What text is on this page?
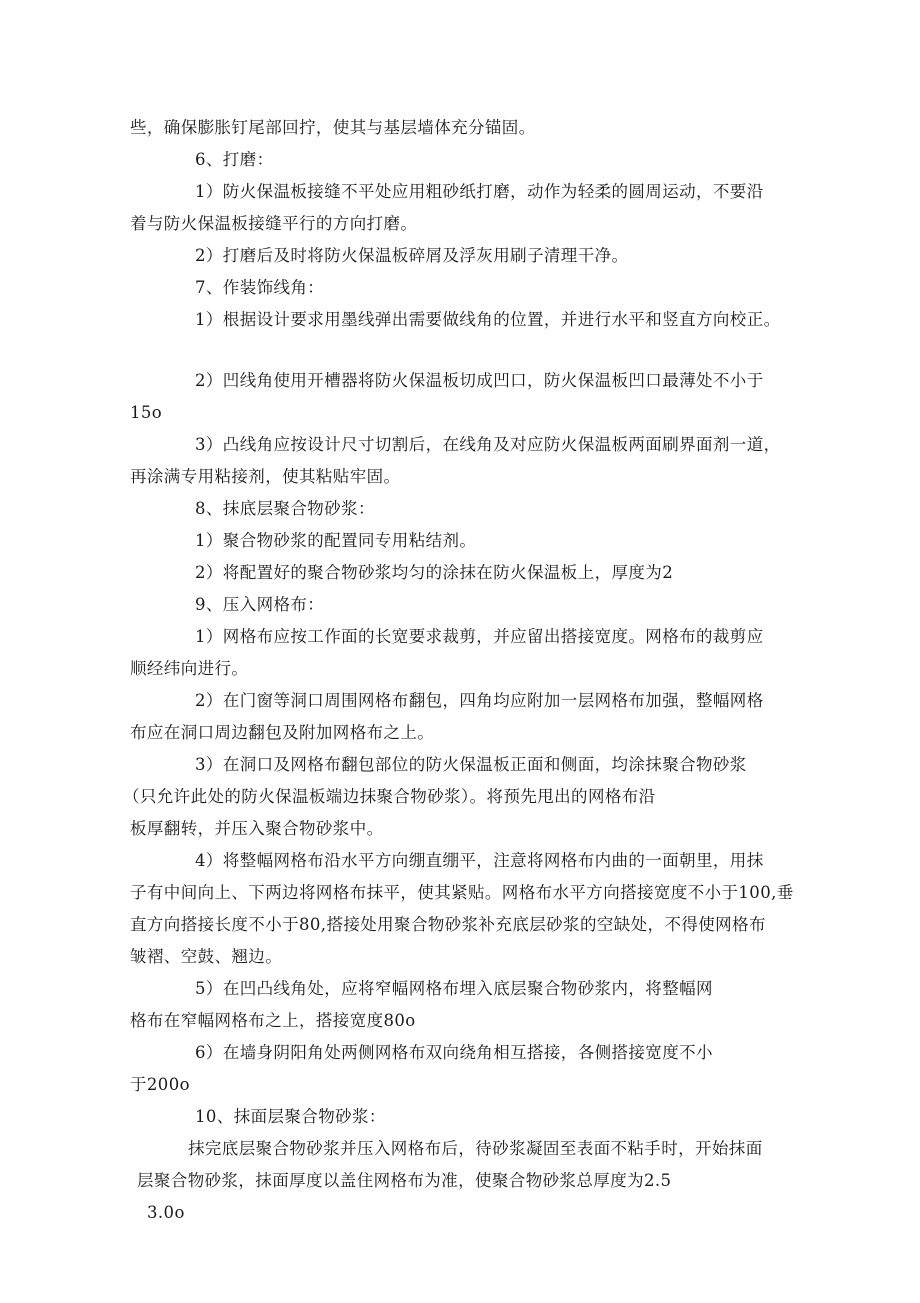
些，确保膨胀钉尾部回拧，使其与基层墙体充分锚固。
6、打磨：
1）防火保温板接缝不平处应用粗砂纸打磨，动作为轻柔的圆周运动，不要沿
着与防火保温板接缝平行的方向打磨。
2）打磨后及时将防火保温板碎屑及浮灰用刷子清理干净。
7、作装饰线角：
1）根据设计要求用墨线弹出需要做线角的位置，并进行水平和竖直方向校正。
2）凹线角使用开槽器将防火保温板切成凹口，防火保温板凹口最薄处不小于
15o
3）凸线角应按设计尺寸切割后，在线角及对应防火保温板两面刷界面剂一道，
再涂满专用粘接剂，使其粘贴牢固。
8、抹底层聚合物砂浆：
1）聚合物砂浆的配置同专用粘结剂。
2）将配置好的聚合物砂浆均匀的涂抹在防火保温板上，厚度为2
9、压入网格布：
1）网格布应按工作面的长宽要求裁剪，并应留出搭接宽度。网格布的裁剪应
顺经纬向进行。
2）在门窗等洞口周围网格布翻包，四角均应附加一层网格布加强，整幅网格
布应在洞口周边翻包及附加网格布之上。
3）在洞口及网格布翻包部位的防火保温板正面和侧面，均涂抹聚合物砂浆
（只允许此处的防火保温板端边抹聚合物砂浆）。将预先甩出的网格布沿
板厚翻转，并压入聚合物砂浆中。
4）将整幅网格布沿水平方向绷直绷平，注意将网格布内曲的一面朝里，用抹
子有中间向上、下两边将网格布抹平，使其紧贴。网格布水平方向搭接宽度不小于100,垂
直方向搭接长度不小于80,搭接处用聚合物砂浆补充底层砂浆的空缺处，不得使网格布
皱褶、空鼓、翘边。
5）在凹凸线角处，应将窄幅网格布埋入底层聚合物砂浆内，将整幅网
格布在窄幅网格布之上，搭接宽度80o
6）在墙身阴阳角处两侧网格布双向绕角相互搭接，各侧搭接宽度不小
于200o
10、抹面层聚合物砂浆：
抹完底层聚合物砂浆并压入网格布后，待砂浆凝固至表面不粘手时，开始抹面
层聚合物砂浆，抹面厚度以盖住网格布为准，使聚合物砂浆总厚度为2.5
3.0o
